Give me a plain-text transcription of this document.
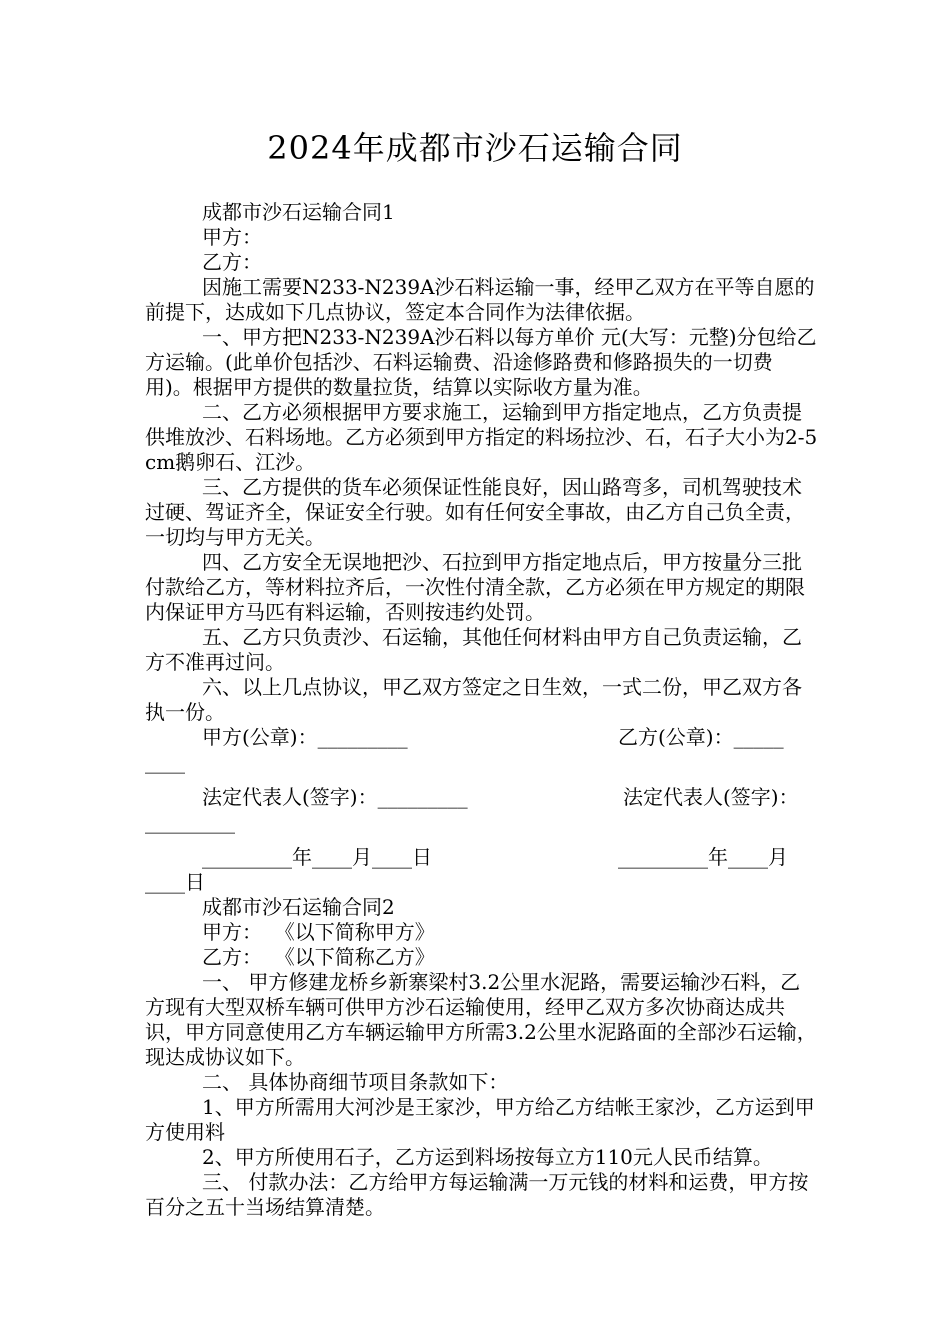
2024年成都市沙石运输合同

成都市沙石运输合同1

甲方：

乙方：

因施工需要N233-N239A沙石料运输一事，经甲乙双方在平等自愿的前提下，达成如下几点协议，签定本合同作为法律依据。

一、甲方把N233-N239A沙石料以每方单价 元(大写：元整)分包给乙方运输。(此单价包括沙、石料运输费、沿途修路费和修路损失的一切费用)。根据甲方提供的数量拉货，结算以实际收方量为准。

二、乙方必须根据甲方要求施工，运输到甲方指定地点，乙方负责提供堆放沙、石料场地。乙方必须到甲方指定的料场拉沙、石，石子大小为2-5cm鹅卵石、江沙。

三、乙方提供的货车必须保证性能良好，因山路弯多，司机驾驶技术过硬、驾证齐全，保证安全行驶。如有任何安全事故，由乙方自己负全责，一切均与甲方无关。

四、乙方安全无误地把沙、石拉到甲方指定地点后，甲方按量分三批付款给乙方，等材料拉齐后，一次性付清全款，乙方必须在甲方规定的期限内保证甲方马匹有料运输，否则按违约处罚。

五、乙方只负责沙、石运输，其他任何材料由甲方自己负责运输，乙方不准再过问。

六、以上几点协议，甲乙双方签定之日生效，一式二份，甲乙双方各执一份。

甲方(公章)：_________	乙方(公章)：_____

____

法定代表人(签字)：_________	法定代表人(签字)：

_________

_________年____月____日	_________年____月

____日

成都市沙石运输合同2

甲方：  《以下简称甲方》

乙方：  《以下简称乙方》

一、 甲方修建龙桥乡新寨梁村3.2公里水泥路，需要运输沙石料，乙方现有大型双桥车辆可供甲方沙石运输使用，经甲乙双方多次协商达成共识，甲方同意使用乙方车辆运输甲方所需3.2公里水泥路面的全部沙石运输，现达成协议如下。

二、 具体协商细节项目条款如下：

1、甲方所需用大河沙是王家沙，甲方给乙方结帐王家沙，乙方运到甲方使用料

2、甲方所使用石子，乙方运到料场按每立方110元人民币结算。

三、 付款办法：乙方给甲方每运输满一万元钱的材料和运费，甲方按百分之五十当场结算清楚。
